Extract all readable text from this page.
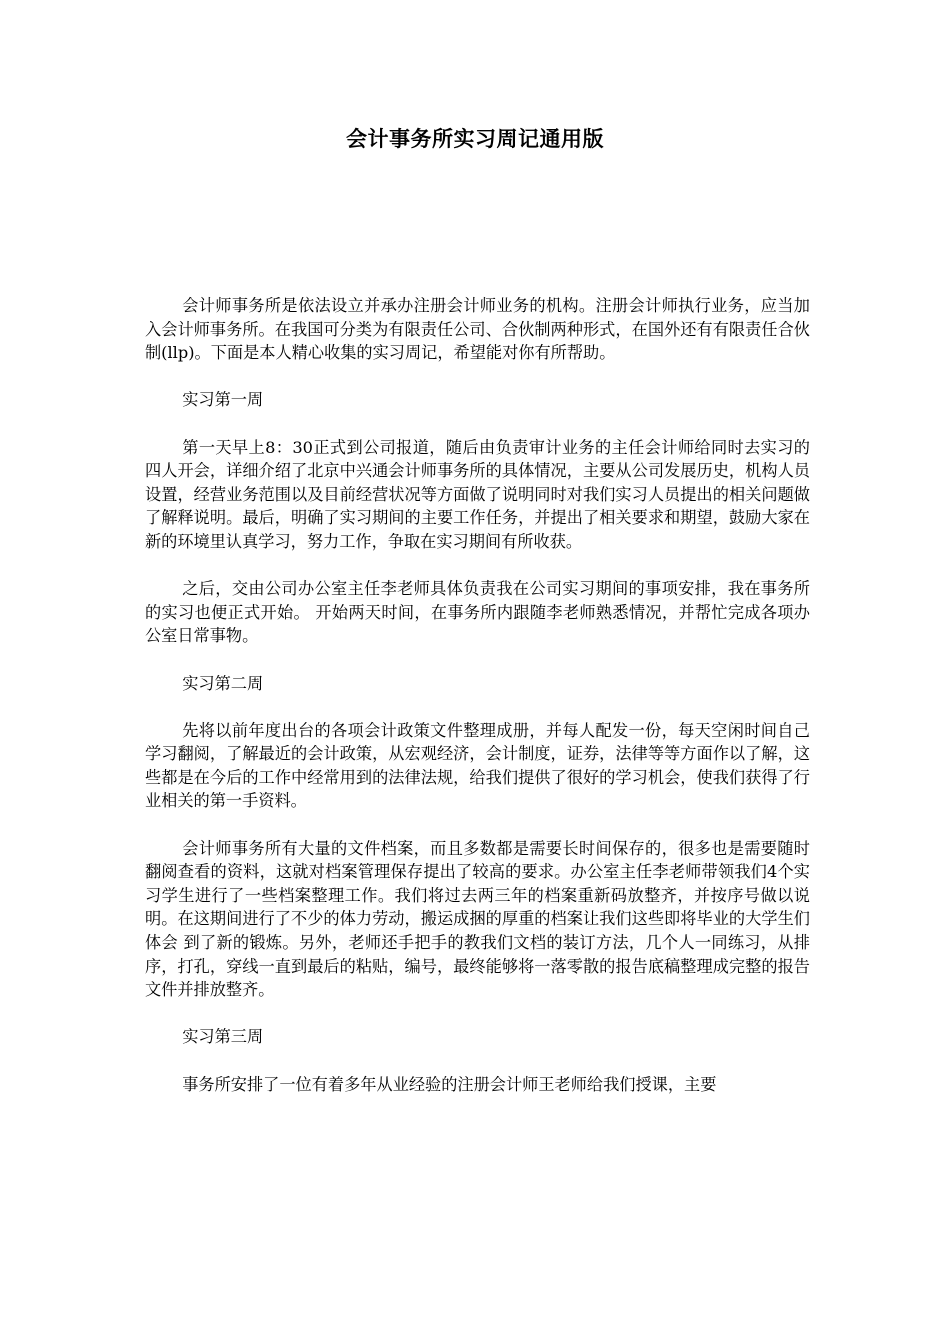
会计事务所实习周记通用版

会计师事务所是依法设立并承办注册会计师业务的机构。注册会计师执行业务，应当加入会计师事务所。在我国可分类为有限责任公司、合伙制两种形式，在国外还有有限责任合伙制(llp)。下面是本人精心收集的实习周记，希望能对你有所帮助。

实习第一周

第一天早上8：30正式到公司报道，随后由负责审计业务的主任会计师给同时去实习的四人开会，详细介绍了北京中兴通会计师事务所的具体情况，主要从公司发展历史，机构人员设置，经营业务范围以及目前经营状况等方面做了说明同时对我们实习人员提出的相关问题做了解释说明。最后，明确了实习期间的主要工作任务，并提出了相关要求和期望，鼓励大家在新的环境里认真学习，努力工作，争取在实习期间有所收获。

之后，交由公司办公室主任李老师具体负责我在公司实习期间的事项安排，我在事务所的实习也便正式开始。 开始两天时间，在事务所内跟随李老师熟悉情况，并帮忙完成各项办公室日常事物。

实习第二周

先将以前年度出台的各项会计政策文件整理成册，并每人配发一份，每天空闲时间自己学习翻阅，了解最近的会计政策，从宏观经济，会计制度，证券，法律等等方面作以了解，这些都是在今后的工作中经常用到的法律法规，给我们提供了很好的学习机会，使我们获得了行业相关的第一手资料。

会计师事务所有大量的文件档案，而且多数都是需要长时间保存的，很多也是需要随时翻阅查看的资料，这就对档案管理保存提出了较高的要求。办公室主任李老师带领我们4个实习学生进行了一些档案整理工作。我们将过去两三年的档案重新码放整齐，并按序号做以说明。在这期间进行了不少的体力劳动，搬运成捆的厚重的档案让我们这些即将毕业的大学生们体会 到了新的锻炼。另外，老师还手把手的教我们文档的装订方法，几个人一同练习，从排序，打孔，穿线一直到最后的粘贴，编号，最终能够将一落零散的报告底稿整理成完整的报告文件并排放整齐。

实习第三周

事务所安排了一位有着多年从业经验的注册会计师王老师给我们授课，主要
